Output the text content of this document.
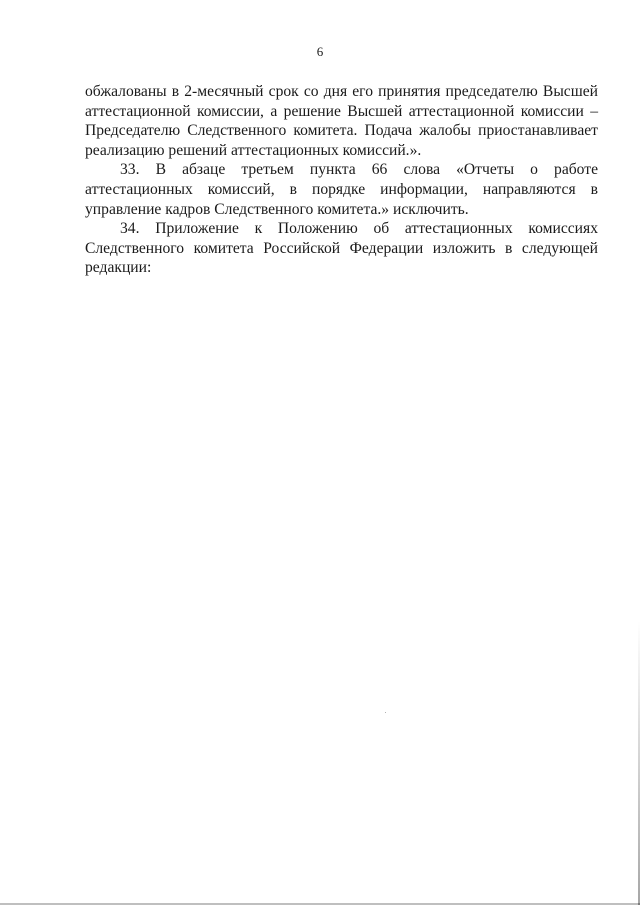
6

обжалованы в 2-месячный срок со дня его принятия председателю Высшей аттестационной комиссии, а решение Высшей аттестационной комиссии – Председателю Следственного комитета. Подача жалобы приостанавливает реализацию решений аттестационных комиссий.».

33. В абзаце третьем пункта 66 слова «Отчеты о работе аттестационных комиссий, в порядке информации, направляются в управление кадров Следственного комитета.» исключить.

34. Приложение к Положению об аттестационных комиссиях Следственного комитета Российской Федерации изложить в следующей редакции:
